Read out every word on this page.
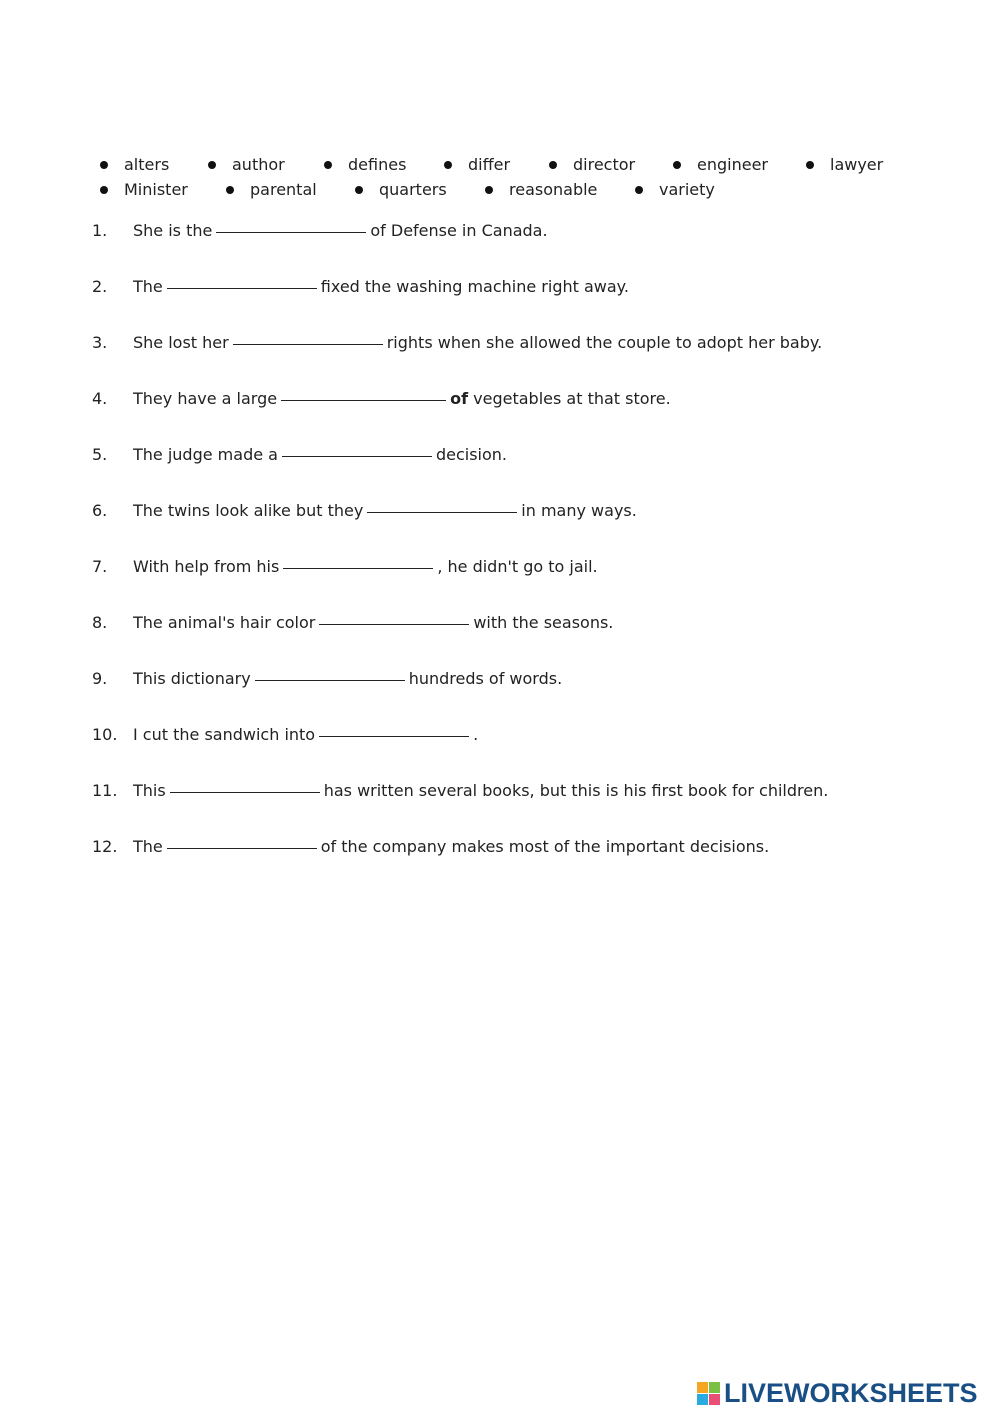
alters	author	defines	differ	director	engineer	lawyer
Minister	parental	quarters	reasonable	variety
1.	She is the	of Defense in Canada.
2.	The	fixed the washing machine right away.
3.	She lost her	rights when she allowed the couple to adopt her baby.
4.	They have a large	of
vegetables at that store.
5.	The judge made a	decision.
6.	The twins look alike but they	in many ways.
7.	With help from his	, he didn't go to jail.
8.	The animal's hair color	with the seasons.
9.	This dictionary	hundreds of words.
10. I cut the sandwich into	.
11. This	has written several books, but this is his first book for children.
12. The	of the company makes most of the important decisions.
LIVEWORKSHEETS
